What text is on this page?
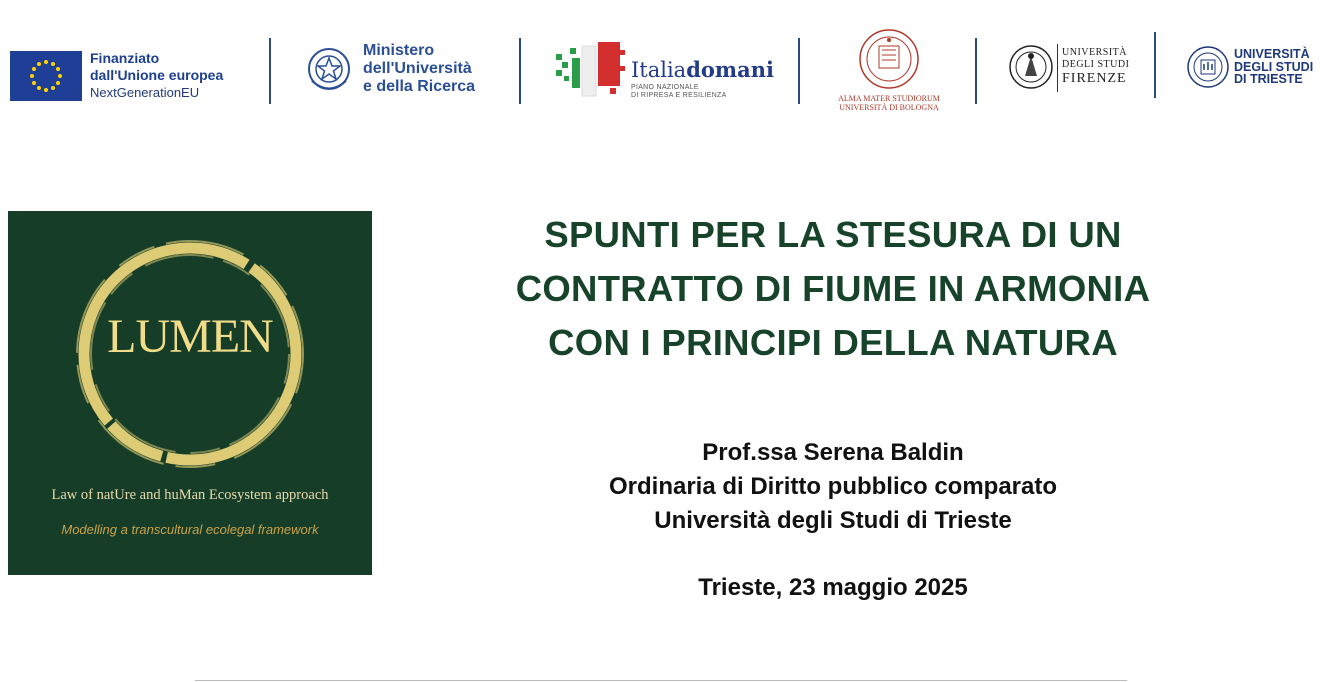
Finanziato
dall'Unione europea
NextGenerationEU
Ministero
dell'Università
e della Ricerca
Italiadomani
PIANO NAZIONALE
DI RIPRESA E RESILIENZA	ALMA MATER STUDIORUM
UNIVERSITÀ DI BOLOGNA
UNIVERSITÀ
DEGLI STUDI
FIRENZE
UNIVERSITÀ
DEGLI STUDI
DI TRIESTE
LUMEN
Law of natUre and huMan Ecosystem approach
Modelling a transcultural ecolegal framework
SPUNTI PER LA STESURA DI UN
CONTRATTO DI FIUME IN ARMONIA
CON I PRINCIPI DELLA NATURA
Prof.ssa Serena Baldin
Ordinaria di Diritto pubblico comparato
Università degli Studi di Trieste
Trieste, 23 maggio 2025
